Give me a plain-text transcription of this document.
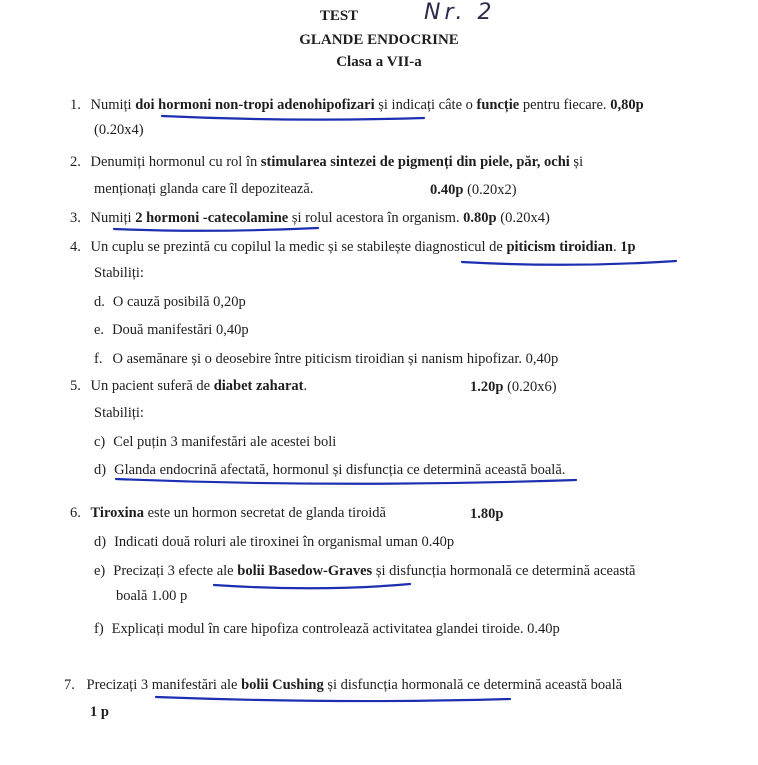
TEST	Nr. 2
GLANDE ENDOCRINE
Clasa a VII-a
1. Numiți doi hormoni non-tropi adenohipofizari și indicați câte o funcție pentru fiecare. 0,80p
(0.20x4)
2. Denumiți hormonul cu rol în stimularea sintezei de pigmenți din piele, păr, ochi și
menționați glanda care îl depozitează.	0.40p (0.20x2)
3. Numiți 2 hormoni -catecolamine și rolul acestora în organism. 0.80p (0.20x4)
4. Un cuplu se prezintă cu copilul la medic și se stabilește diagnosticul de piticism tiroidian. 1p
Stabiliți:
d. O cauză posibilă 0,20p
e. Două manifestări 0,40p
f. O asemănare și o deosebire între piticism tiroidian și nanism hipofizar. 0,40p
5. Un pacient suferă de diabet zaharat.	1.20p (0.20x6)
Stabiliți:
c) Cel puțin 3 manifestări ale acestei boli
d) Glanda endocrină afectată, hormonul și disfuncția ce determină această boală.
6. Tiroxina este un hormon secretat de glanda tiroidă	1.80p
d) Indicati două roluri ale tiroxinei în organismal uman 0.40p
e) Precizați 3 efecte ale bolii Basedow-Graves și disfuncția hormonală ce determină această
boală 1.00 p
f) Explicați modul în care hipofiza controlează activitatea glandei tiroide. 0.40p
7. Precizați 3 manifestări ale bolii Cushing și disfuncția hormonală ce determină această boală
1 p
